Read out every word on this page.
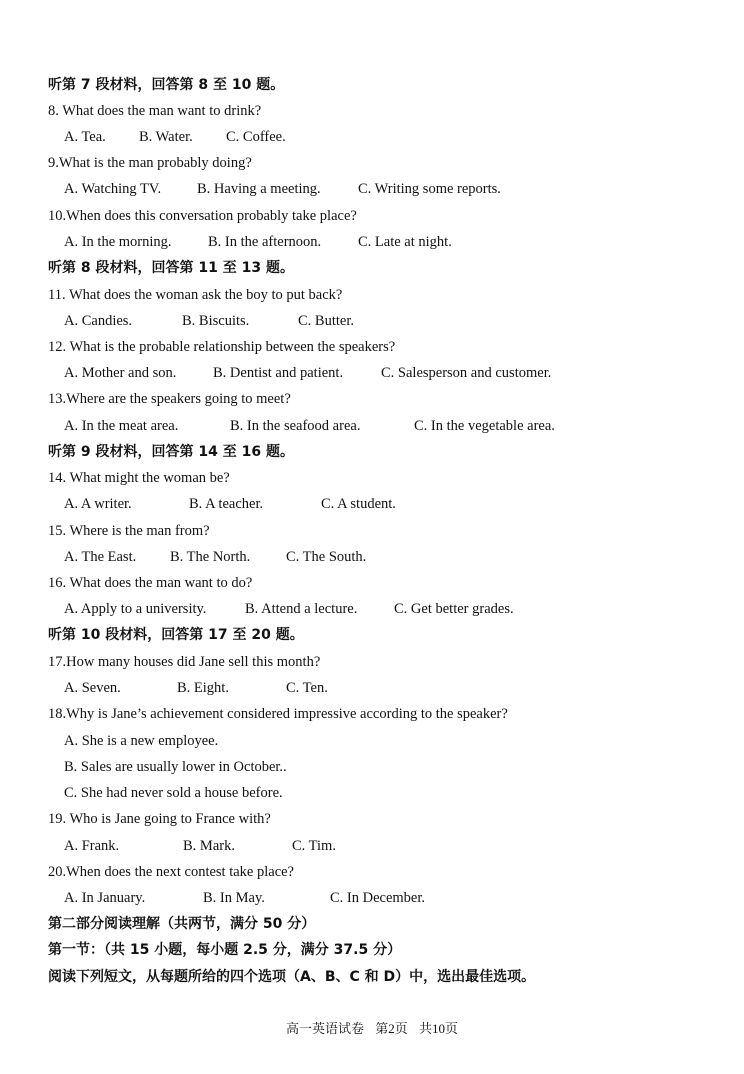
听第 7 段材料，回答第 8 至 10 题。
8. What does the man want to drink?
A. Tea. B. Water. C. Coffee.
9.What is the man probably doing?
A. Watching TV. B. Having a meeting.	C. Writing some reports.
10.When does this conversation probably take place?
A. In the morning.	B. In the afternoon.	C. Late at night.
听第 8 段材料，回答第 11 至 13 题。
11. What does the woman ask the boy to put back?
A. Candies.	B. Biscuits.	C. Butter.
12. What is the probable relationship between the speakers?
A. Mother and son.	B. Dentist and patient.	C. Salesperson and customer.
13.Where are the speakers going to meet?
A. In the meat area.	B. In the seafood area.	C. In the vegetable area.
听第 9 段材料，回答第 14 至 16 题。
14. What might the woman be?
A. A writer.	B. A teacher.	C. A student.
15. Where is the man from?
A. The East. B. The North. C. The South.
16. What does the man want to do?
A. Apply to a university.	B. Attend a lecture.	C. Get better grades.
听第 10 段材料，回答第 17 至 20 题。
17.How many houses did Jane sell this month?
A. Seven.	B. Eight.	C. Ten.
18.Why is Jane’s achievement considered impressive according to the speaker?
A. She is a new employee.
B. Sales are usually lower in October..
C. She had never sold a house before.
19. Who is Jane going to France with?
A. Frank.	B. Mark.	C. Tim.
20.When does the next contest take place?
A. In January.	B. In May.	C. In December.
第二部分阅读理解（共两节，满分 50 分）
第一节：（共 15 小题，每小题 2.5 分，满分 37.5 分）
阅读下列短文，从每题所给的四个选项（A、B、C 和 D）中，选出最佳选项。
高一英语试卷 第2页 共10页
